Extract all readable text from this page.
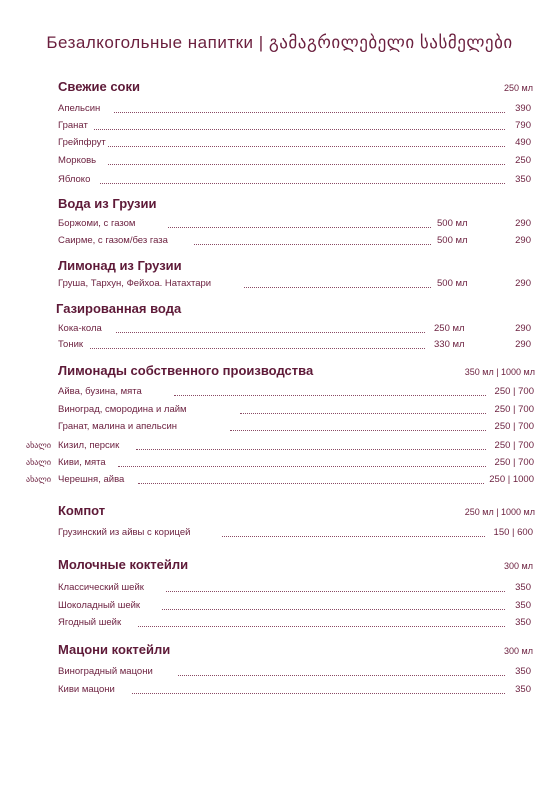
Безалкогольные напитки | გამაგრილებელი სასმელები
Свежие соки	250 мл
Апельсин	390
Гранат	790
Грейпфрут	490
Морковь	250
Яблоко	350
Вода из Грузии
Боржоми, с газом	500 мл	290
Саирме, с газом/без газа	500 мл	290
Лимонад из Грузии
Груша, Тархун, Фейхоа. Натахтари	500 мл	290
Газированная вода
Кока-кола	250 мл	290
Тоник	330 мл	290
Лимонады собственного производства	350 мл | 1000 мл
Айва, бузина, мята	250 | 700
Виноград, смородина и лайм	250 | 700
Гранат, малина и апельсин	250 | 700
ახალი Кизил, персик	250 | 700
ახალი Киви, мята	250 | 700
ახალი Черешня, айва	250 | 1000
Компот	250 мл | 1000 мл
Грузинский из айвы с корицей	150 | 600
Молочные коктейли	300 мл
Классический шейк	350
Шоколадный шейк	350
Ягодный шейк	350
Мацони коктейли	300 мл
Виноградный мацони	350
Киви мацони	350
